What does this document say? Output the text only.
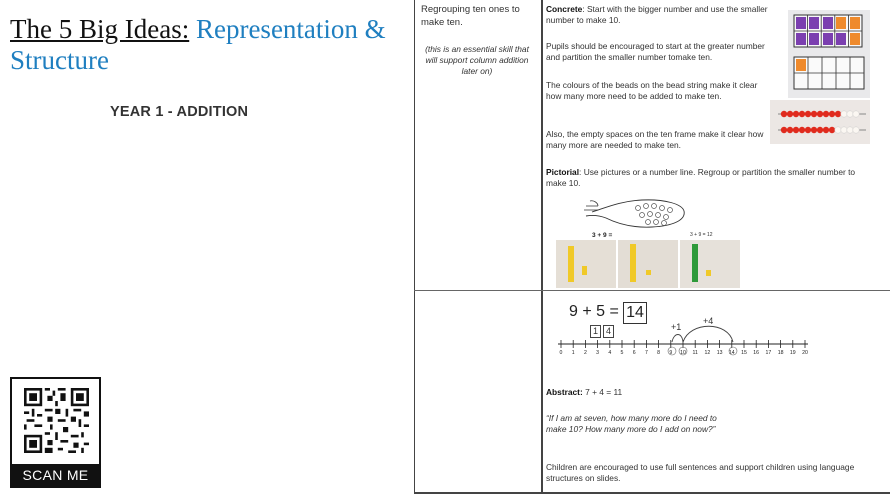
The 5 Big Ideas: Representation & Structure
YEAR 1 - ADDITION
SCAN ME
Regrouping ten ones to make ten.
(this is an essential skill that will support column addition later on)
Concrete: Start with the bigger number and use the smaller number to make 10.
Pupils should be encouraged to start at the greater number and partition the smaller number tomake ten.
The colours of the beads on the bead string make it clear how many more need to be added to make ten.
Also, the empty spaces on the ten frame make it clear how many more are needed to make ten.
Pictorial: Use pictures or a number line. Regroup or partition the smaller number to make 10.
3 + 9 =	3 + 9 = 12
9 + 5 = 14
1 4	+1
+4
0 1 2 3 4 5 6 7 8 9 10 11 12 13 14 15 16 17 18 19 20
Abstract: 7 + 4 = 11
“If I am at seven, how many more do I need to make 10? How many more do I add on now?”
Children are encouraged to use full sentences and support children using language structures on slides.
